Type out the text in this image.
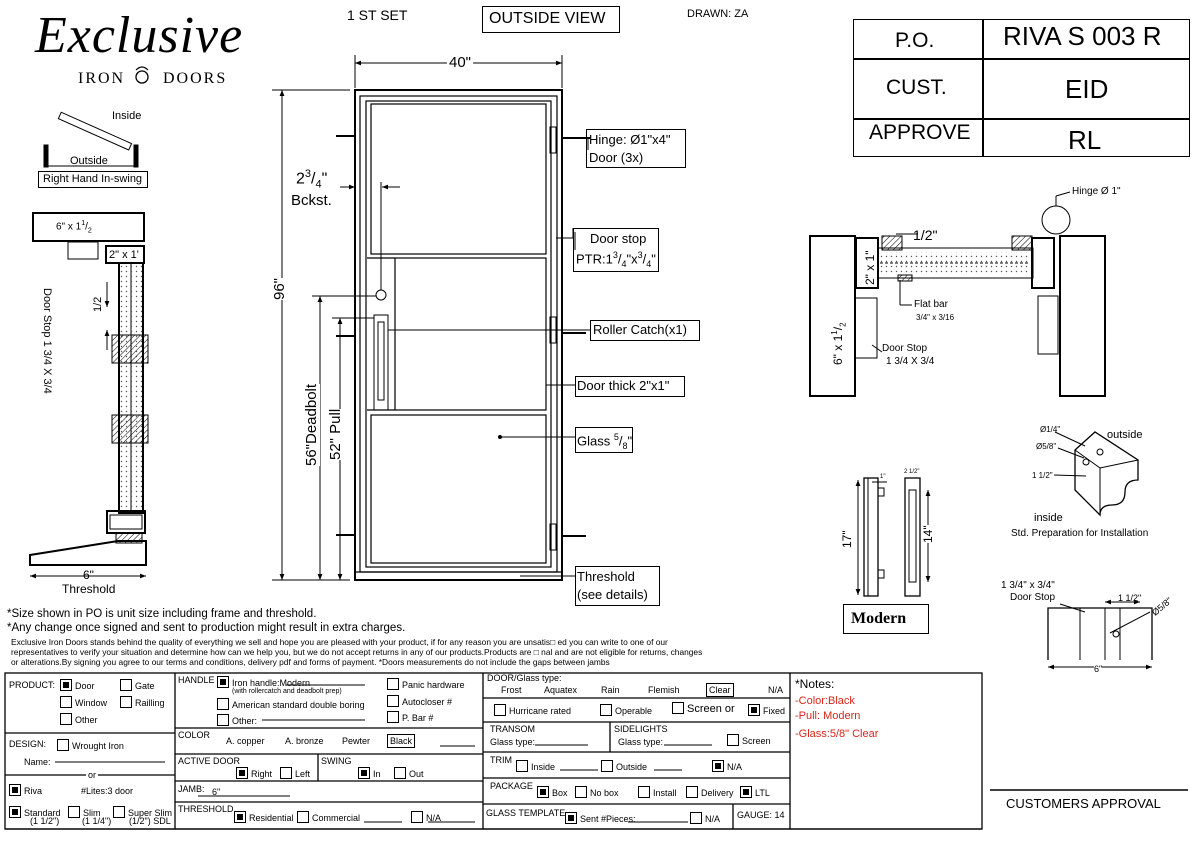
Exclusive
IRON DOORS
1 ST SET	OUTSIDE VIEW	DRAWN: ZA
P.O.	RIVA S 003 R
CUST.	EID
APPROVE	RL
Inside
Outside
Right Hand In-swing
6" x $1^1/_2$
2" x 1'
Door Stop 1 3/4 X 3/4	1/2
6"
Threshold
40"
96"
$2^3/_4$"
Bckst.
56"Deadbolt 52" Pull
Hinge: Ø1"x4"
Door (3x)
Door stop
$PTR:1^3/_4"x^3/_4$"
Roller Catch(x1)
Door thick 2"x1"
Glass $^5/_8$"
Threshold
(see details)
Hinge Ø 1"
1/2"
2" x 1"
6" x $1^1/_2$
Flat bar
3/4" x 3/16
Door Stop
1 3/4 X 3/4
17"	14"
1"
2 1/2"
Modern
Ø1/4"
Ø5/8"
outside
1 1/2"
inside
Std. Preparation for Installation
1 3/4" x 3/4"
Door Stop	1 1/2" Ø5/8"
6"
*Size shown in PO is unit size including frame and threshold.
*Any change once signed and sent to production might result in extra charges.
Exclusive Iron Doors stands behind the quality of everything we sell and hope you are pleased with your product, if for any reason you are unsatis□ ed you can write to one of our
representatives to verify your situation and determine how can we help you, but we do not accept returns in any of our products.Products are □ nal and are not eligible for returns, changes
or alterations.By signing you agree to our terms and conditions, delivery pdf and forms of payment. *Doors measurements do not include the gaps between jambs
PRODUCT:	Door	Gate
Window	Railling
Other
DESIGN:	Wrought Iron
Name:
or
Riva	#Lites:3 door
Standard
(1 1/2")
Slim
(1 1/4")
Super Slim
(1/2") SDL
HANDLE	Iron handle:Modern
(with rollercatch and deadbolt prep)
American standard double boring
Other:
Panic hardware
Autocloser #
P. Bar #
COLOR
A. copper A. bronze Pewter	Black
ACTIVE DOOR
Right	Left
SWING
In	Out
JAMB: 6"
THRESHOLD
Residential	Commercial	N/A
DOOR/Glass type:
Frost Aquatex	Rain	Flemish	Clear	N/A
Hurricane rated	Operable	Screen or	Fixed
TRANSOM
Glass type:
SIDELIGHTS
Glass type:	Screen
TRIM
Inside	Outside	N/A
PACKAGE
Box	No box	Install	Delivery	LTL
GLASS TEMPLATE
Sent #Pieces:	N/A GAUGE: 14
*Notes:
-Color:Black
-Pull: Modern
-Glass:5/8" Clear
CUSTOMERS APPROVAL
